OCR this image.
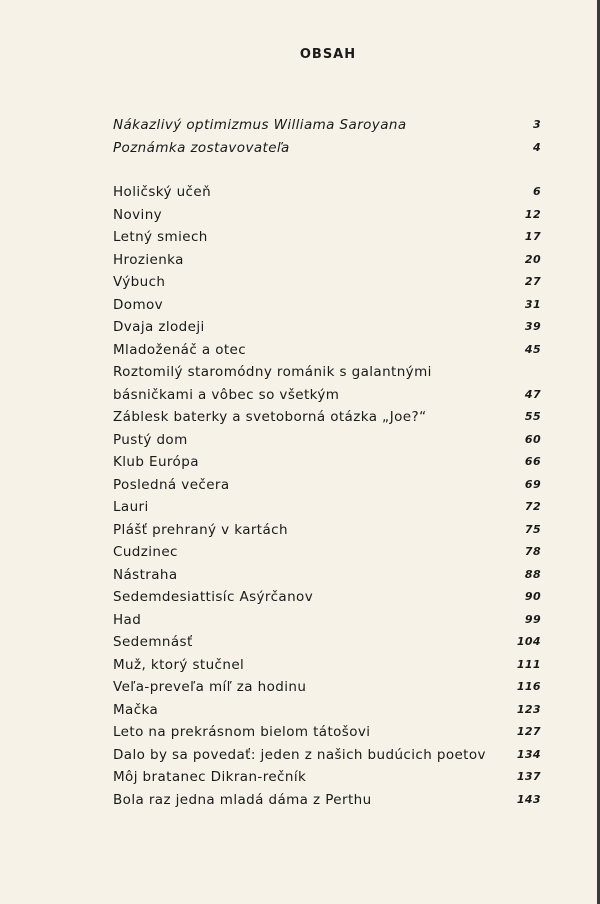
OBSAH
Nákazlivý optimizmus Williama Saroyana	3
Poznámka zostavovateľa	4
Holičský učeň	6
Noviny	12
Letný smiech	17
Hrozienka	20
Výbuch	27
Domov	31
Dvaja zlodeji	39
Mladoženáč a otec	45
Roztomilý staromódny románik s galantnými
básničkami a vôbec so všetkým	47
Záblesk baterky a svetoborná otázka „Joe?“	55
Pustý dom	60
Klub Európa	66
Posledná večera	69
Lauri	72
Plášť prehraný v kartách	75
Cudzinec	78
Nástraha	88
Sedemdesiattisíc Asýrčanov	90
Had	99
Sedemnásť	104
Muž, ktorý stučnel	111
Veľa-preveľa míľ za hodinu	116
Mačka	123
Leto na prekrásnom bielom tátošovi	127
Dalo by sa povedať: jeden z našich budúcich poetov	134
Môj bratanec Dikran-rečník	137
Bola raz jedna mladá dáma z Perthu	143
